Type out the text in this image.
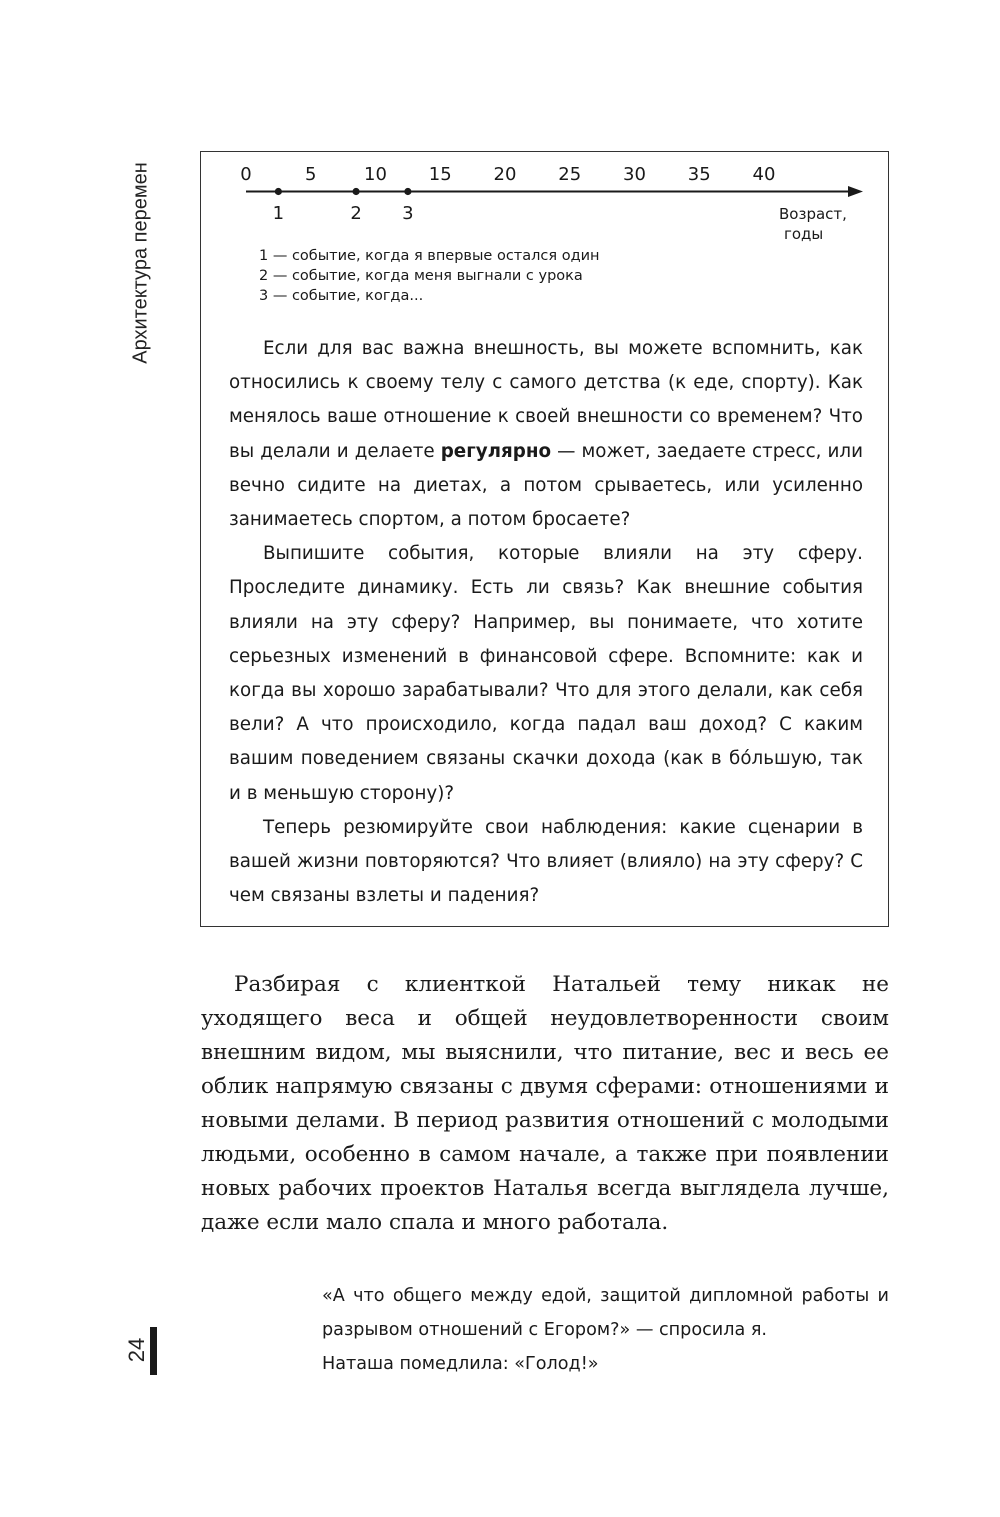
Архитектура перемен
24
0	5	10 15 20 25 30 35 40
1	2 3	Возраст,
годы
1 — событие, когда я впервые остался один
2 — событие, когда меня выгнали с урока
3 — событие, когда...

Если для вас важна внешность, вы можете вспомнить, как относились к своему телу с самого детства (к еде, спорту). Как менялось ваше отношение к своей внешности со временем? Что вы делали и делаете регулярно — может, заедаете стресс, или вечно сидите на диетах, а потом срываетесь, или усиленно занимаетесь спортом, а потом бросаете?

Выпишите события, которые влияли на эту сферу. Проследите динамику. Есть ли связь? Как внешние события влияли на эту сферу? Например, вы понимаете, что хотите серьезных изменений в финансовой сфере. Вспомните: как и когда вы хорошо зарабатывали? Что для этого делали, как себя вели? А что происходило, когда падал ваш доход? С каким вашим поведением связаны скачки дохода (как в бóльшую, так и в меньшую сторону)?

Теперь резюмируйте свои наблюдения: какие сценарии в вашей жизни повторяются? Что влияет (влияло) на эту сферу? С чем связаны взлеты и падения?

Разбирая с клиенткой Натальей тему никак не уходящего веса и общей неудовлетворенности своим внешним видом, мы выяснили, что питание, вес и весь ее облик напрямую связаны с двумя сферами: отношениями и новыми делами. В период развития отношений с молодыми людьми, особенно в самом начале, а также при появлении новых рабочих проектов Наталья всегда выглядела лучше, даже если мало спала и много работала.

«А что общего между едой, защитой дипломной работы и разрывом отношений с Егором?» — спросила я.

Наташа помедлила: «Голод!»
